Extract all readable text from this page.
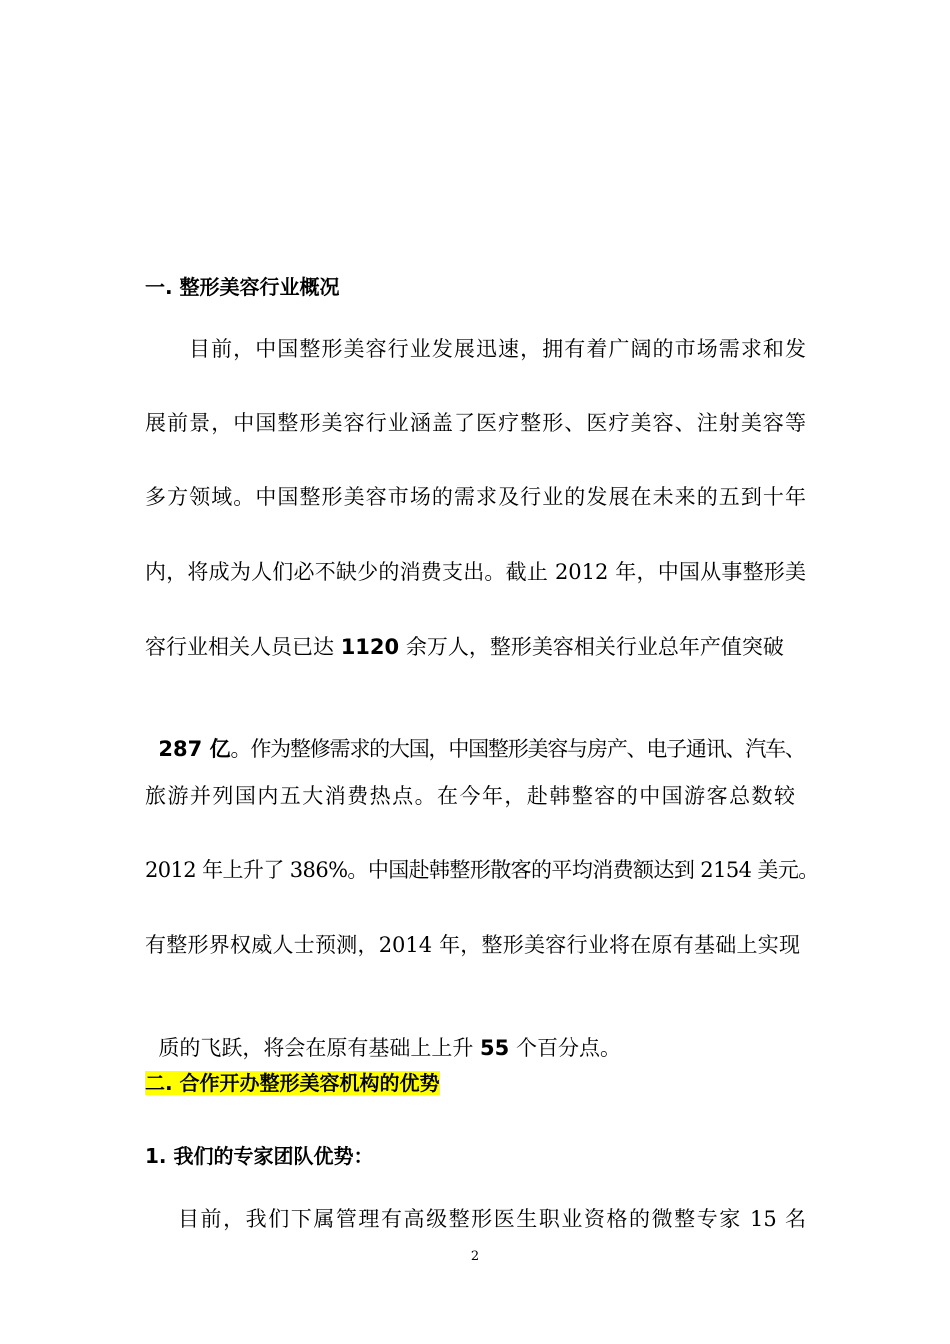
一. 整形美容行业概况
目前，中国整形美容行业发展迅速，拥有着广阔的市场需求和发
展前景，中国整形美容行业涵盖了医疗整形、医疗美容、注射美容等
多方领域。中国整形美容市场的需求及行业的发展在未来的五到十年
内，将成为人们必不缺少的消费支出。截止 2012 年，中国从事整形美
容行业相关人员已达 1120 余万人，整形美容相关行业总年产值突破

287 亿。作为整修需求的大国，中国整形美容与房产、电子通讯、汽车、

旅游并列国内五大消费热点。在今年，赴韩整容的中国游客总数较
2012 年上升了 386%。中国赴韩整形散客的平均消费额达到 2154 美元。
有整形界权威人士预测，2014 年，整形美容行业将在原有基础上实现

质的飞跃，将会在原有基础上上升 55 个百分点。

二. 合作开办整形美容机构的优势
1. 我们的专家团队优势：
目前，我们下属管理有高级整形医生职业资格的微整专家 15 名
2
